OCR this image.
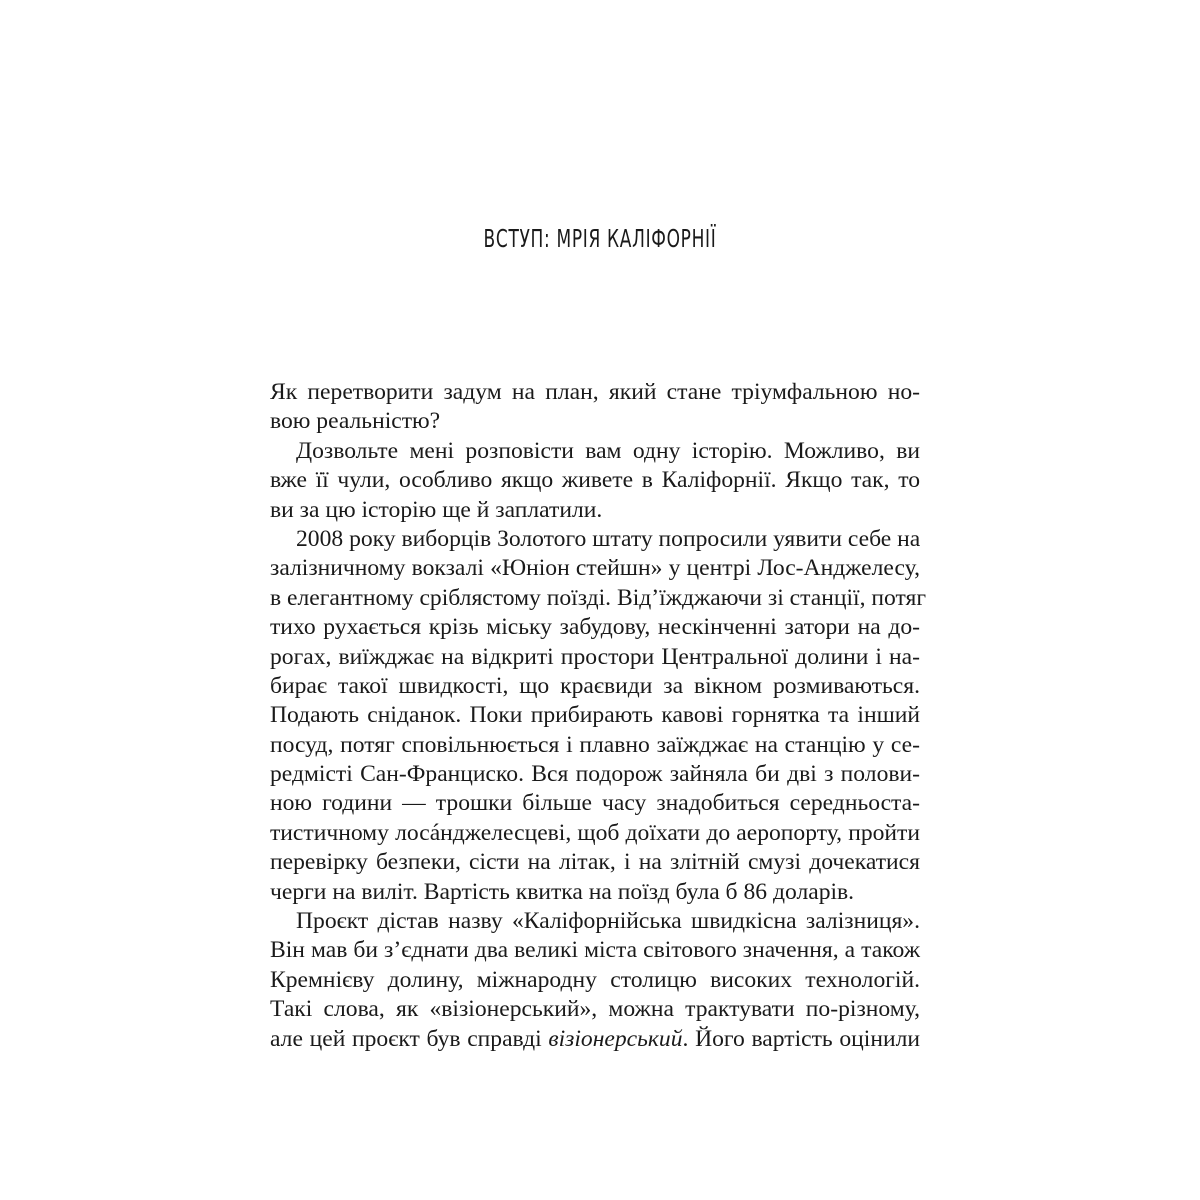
ВСТУП: МРІЯ КАЛІФОРНІЇ
Як перетворити задум на план, який стане тріумфальною но-
вою реальністю?
Дозвольте мені розповісти вам одну історію. Можливо, ви
вже її чули, особливо якщо живете в Каліфорнії. Якщо так, то
ви за цю історію ще й заплатили.
2008 року виборців Золотого штату попросили уявити себе на
залізничному вокзалі «Юніон стейшн» у центрі Лос-Анджелесу,
в елегантному сріблястому поїзді. Від’їжджаючи зі станції, потяг
тихо рухається крізь міську забудову, нескінченні затори на до-
рогах, виїжджає на відкриті простори Центральної долини і на-
бирає такої швидкості, що краєвиди за вікном розмиваються.
Подають сніданок. Поки прибирають кавові горнятка та інший
посуд, потяг сповільнюється і плавно заїжджає на станцію у се-
редмісті Сан-Франциско. Вся подорож зайняла би дві з полови-
ною години — трошки більше часу знадобиться середньоста-
тистичному лосáнджелесцеві, щоб доїхати до аеропорту, пройти
перевірку безпеки, сісти на літак, і на злітній смузі дочекатися
черги на виліт. Вартість квитка на поїзд була б 86 доларів.
Проєкт дістав назву «Каліфорнійська швидкісна залізниця».
Він мав би з’єднати два великі міста світового значення, а також
Кремнієву долину, міжнародну столицю високих технологій.
Такі слова, як «візіонерський», можна трактувати по-різному,
але цей проєкт був справді візіонерський. Його вартість оцінили
